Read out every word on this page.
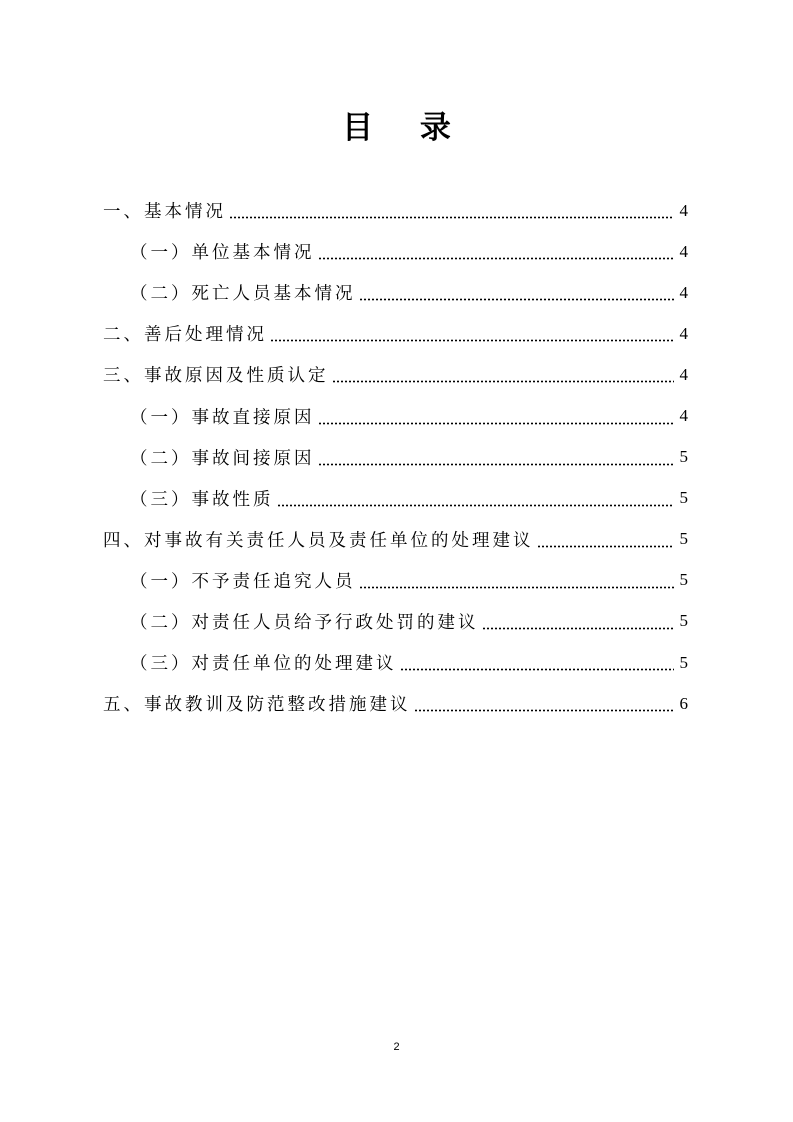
目 录
一、基本情况	4
（一）单位基本情况	4
（二）死亡人员基本情况	4
二、善后处理情况	4
三、事故原因及性质认定	4
（一）事故直接原因	4
（二）事故间接原因	5
（三）事故性质	5
四、对事故有关责任人员及责任单位的处理建议	5
（一）不予责任追究人员	5
（二）对责任人员给予行政处罚的建议	5
（三）对责任单位的处理建议	5
五、事故教训及防范整改措施建议	6
2
